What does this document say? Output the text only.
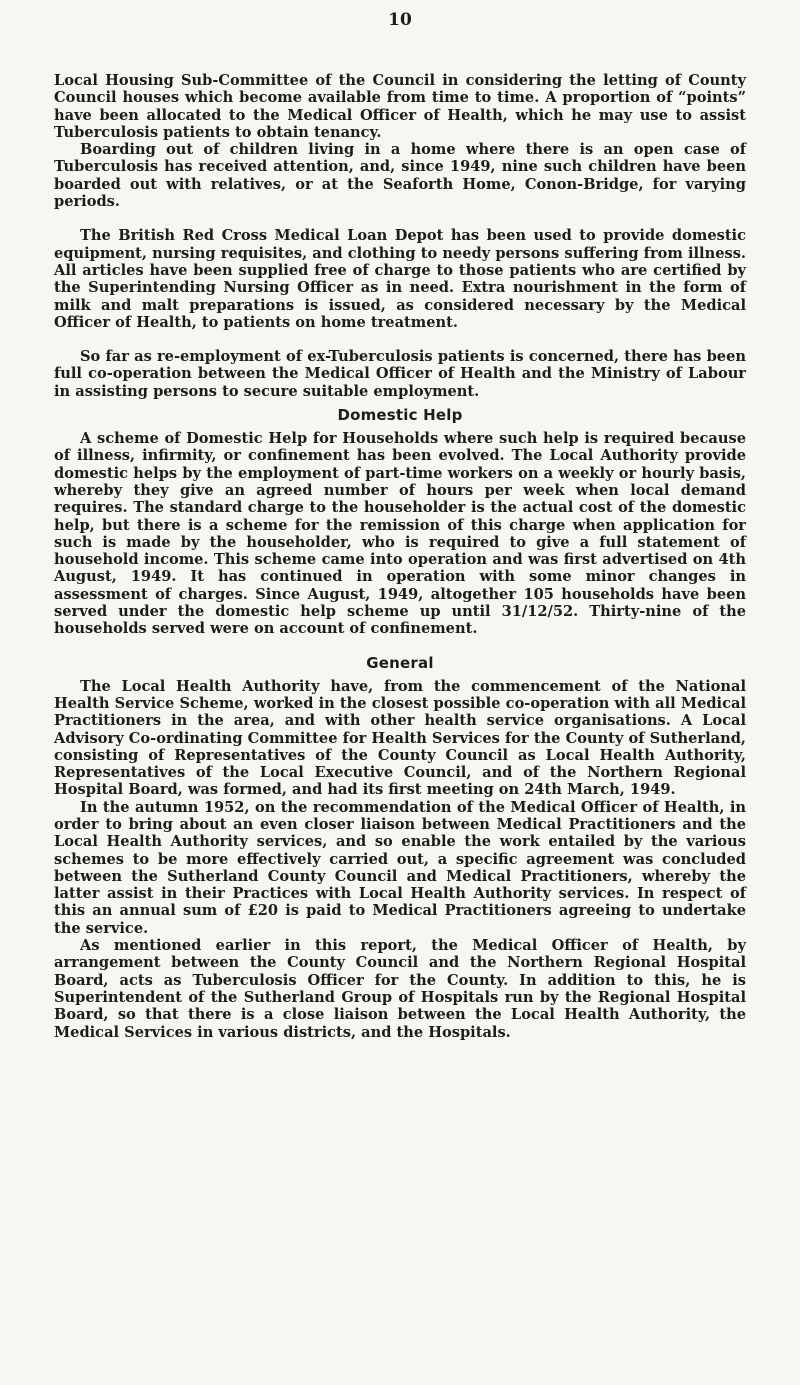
10

Local Housing Sub-Committee of the Council in considering the letting of County Council houses which become available from time to time. A proportion of “points” have been allocated to the Medical Officer of Health, which he may use to assist Tuberculosis patients to obtain tenancy.

Boarding out of children living in a home where there is an open case of Tuberculosis has received attention, and, since 1949, nine such children have been boarded out with relatives, or at the Seaforth Home, Conon-Bridge, for varying periods.

The British Red Cross Medical Loan Depot has been used to provide domestic equipment, nursing requisites, and clothing to needy persons suffering from illness. All articles have been supplied free of charge to those patients who are certified by the Superintending Nursing Officer as in need. Extra nourishment in the form of milk and malt preparations is issued, as considered necessary by the Medical Officer of Health, to patients on home treatment.

So far as re-employment of ex-Tuberculosis patients is concerned, there has been full co-operation between the Medical Officer of Health and the Ministry of Labour in assisting persons to secure suitable employment.

Domestic Help

A scheme of Domestic Help for Households where such help is required because of illness, infirmity, or confinement has been evolved. The Local Authority provide domestic helps by the employment of part-time workers on a weekly or hourly basis, whereby they give an agreed number of hours per week when local demand requires. The standard charge to the householder is the actual cost of the domestic help, but there is a scheme for the remission of this charge when application for such is made by the householder, who is required to give a full statement of household income. This scheme came into operation and was first advertised on 4th August, 1949. It has continued in operation with some minor changes in assessment of charges. Since August, 1949, altogether 105 households have been served under the domestic help scheme up until 31/12/52. Thirty-nine of the households served were on account of confinement.

General

The Local Health Authority have, from the commencement of the National Health Service Scheme, worked in the closest possible co-operation with all Medical Practitioners in the area, and with other health service organisations. A Local Advisory Co-ordinating Committee for Health Services for the County of Sutherland, consisting of Representatives of the County Council as Local Health Authority, Representatives of the Local Executive Council, and of the Northern Regional Hospital Board, was formed, and had its first meeting on 24th March, 1949.

In the autumn 1952, on the recommendation of the Medical Officer of Health, in order to bring about an even closer liaison between Medical Practitioners and the Local Health Authority services, and so enable the work entailed by the various schemes to be more effectively carried out, a specific agreement was concluded between the Sutherland County Council and Medical Practitioners, whereby the latter assist in their Practices with Local Health Authority services. In respect of this an annual sum of £20 is paid to Medical Practitioners agreeing to undertake the service.

As mentioned earlier in this report, the Medical Officer of Health, by arrangement between the County Council and the Northern Regional Hospital Board, acts as Tuberculosis Officer for the County. In addition to this, he is Superintendent of the Sutherland Group of Hospitals run by the Regional Hospital Board, so that there is a close liaison between the Local Health Authority, the Medical Services in various districts, and the Hospitals.
